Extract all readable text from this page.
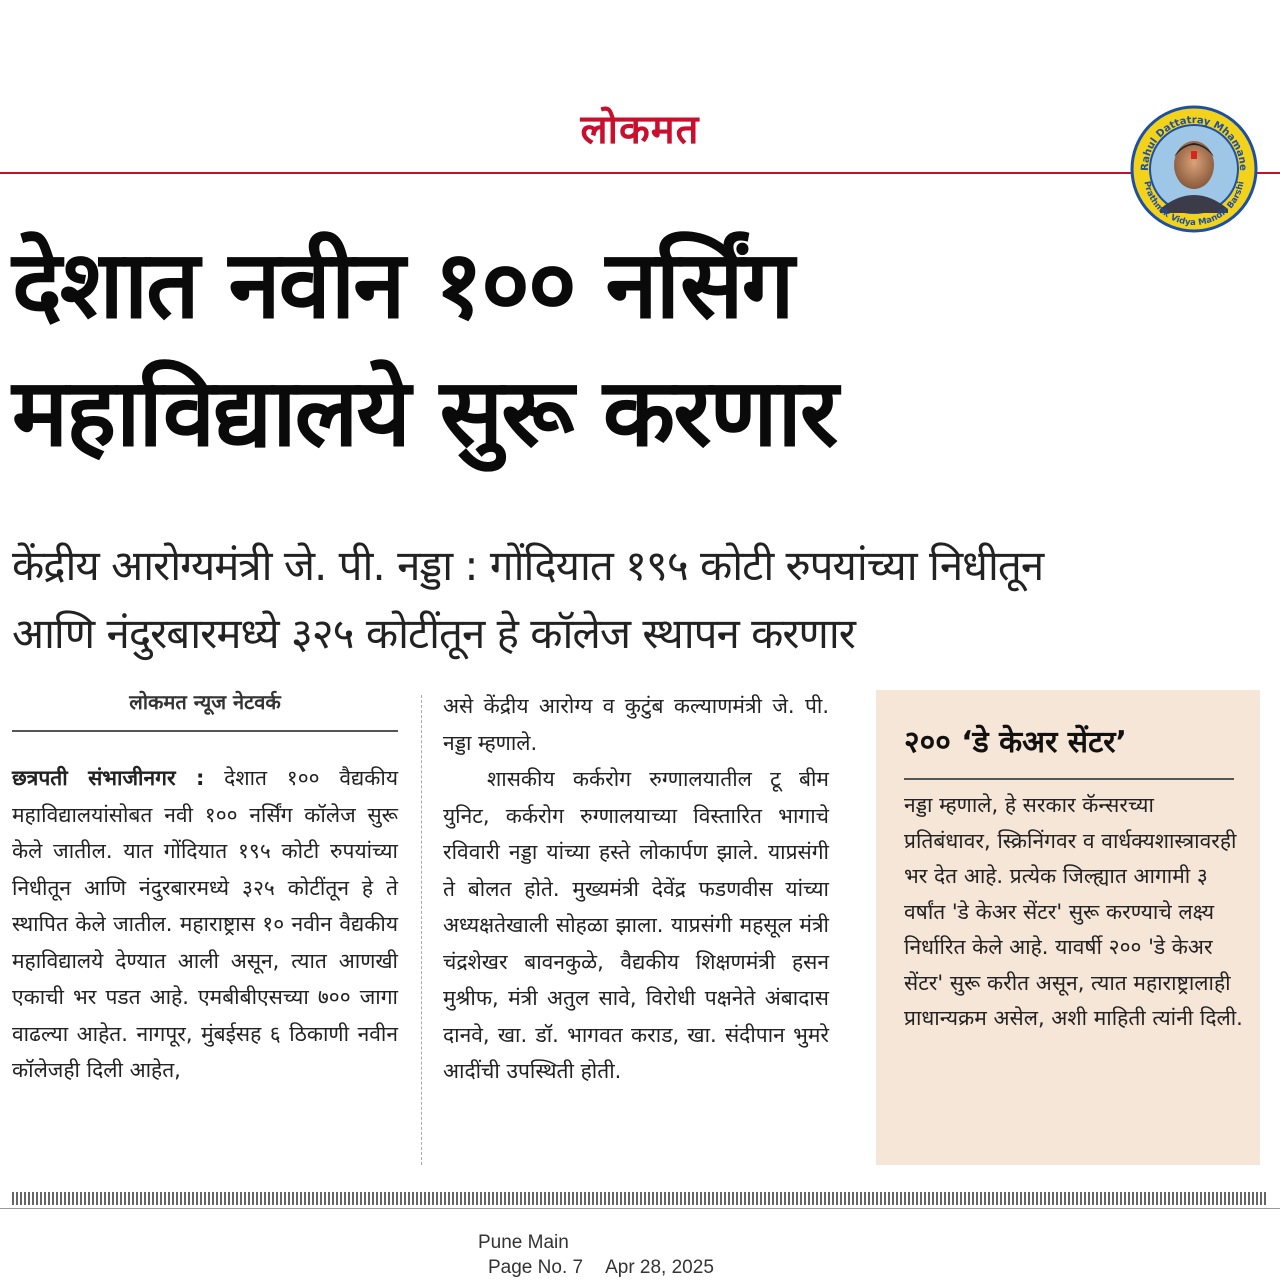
लोकमत
Rahul Dattatray Mhamane
Prathmik Vidya Mandir Barshi
देशात नवीन १०० नर्सिंग
महाविद्यालये सुरू करणार
केंद्रीय आरोग्यमंत्री जे. पी. नड्डा : गोंदियात १९५ कोटी रुपयांच्या निधीतून
आणि नंदुरबारमध्ये ३२५ कोटींतून हे कॉलेज स्थापन करणार
लोकमत न्यूज नेटवर्क

छत्रपती संभाजीनगर : देशात १०० वैद्यकीय महाविद्यालयांसोबत नवी १०० नर्सिंग कॉलेज सुरू केले जातील. यात गोंदियात १९५ कोटी रुपयांच्या निधीतून आणि नंदुरबारमध्ये ३२५ कोटींतून हे ते स्थापित केले जातील. महाराष्ट्रास १० नवीन वैद्यकीय महाविद्यालये देण्यात आली असून, त्यात आणखी एकाची भर पडत आहे. एमबीबीएसच्या ७०० जागा वाढल्या आहेत. नागपूर, मुंबईसह ६ ठिकाणी नवीन कॉलेजही दिली आहेत,

असे केंद्रीय आरोग्य व कुटुंब कल्याणमंत्री जे. पी. नड्डा म्हणाले.

शासकीय कर्करोग रुग्णालयातील टू बीम युनिट, कर्करोग रुग्णालयाच्या विस्तारित भागाचे रविवारी नड्डा यांच्या हस्ते लोकार्पण झाले. याप्रसंगी ते बोलत होते. मुख्यमंत्री देवेंद्र फडणवीस यांच्या अध्यक्षतेखाली सोहळा झाला. याप्रसंगी महसूल मंत्री चंद्रशेखर बावनकुळे, वैद्यकीय शिक्षणमंत्री हसन मुश्रीफ, मंत्री अतुल सावे, विरोधी पक्षनेते अंबादास दानवे, खा. डॉ. भागवत कराड, खा. संदीपान भुमरे आदींची उपस्थिती होती.

२०० ‘डे केअर सेंटर’
नड्डा म्हणाले, हे सरकार कॅन्सरच्या प्रतिबंधावर, स्क्रिनिंगवर व वार्धक्यशास्त्रावरही भर देत आहे. प्रत्येक जिल्ह्यात आगामी ३ वर्षांत 'डे केअर सेंटर' सुरू करण्याचे लक्ष्य निर्धारित केले आहे. यावर्षी २०० 'डे केअर सेंटर' सुरू करीत असून, त्यात महाराष्ट्रालाही प्राधान्यक्रम असेल, अशी माहिती त्यांनी दिली.
Pune Main
Page No. 7 Apr 28, 2025
